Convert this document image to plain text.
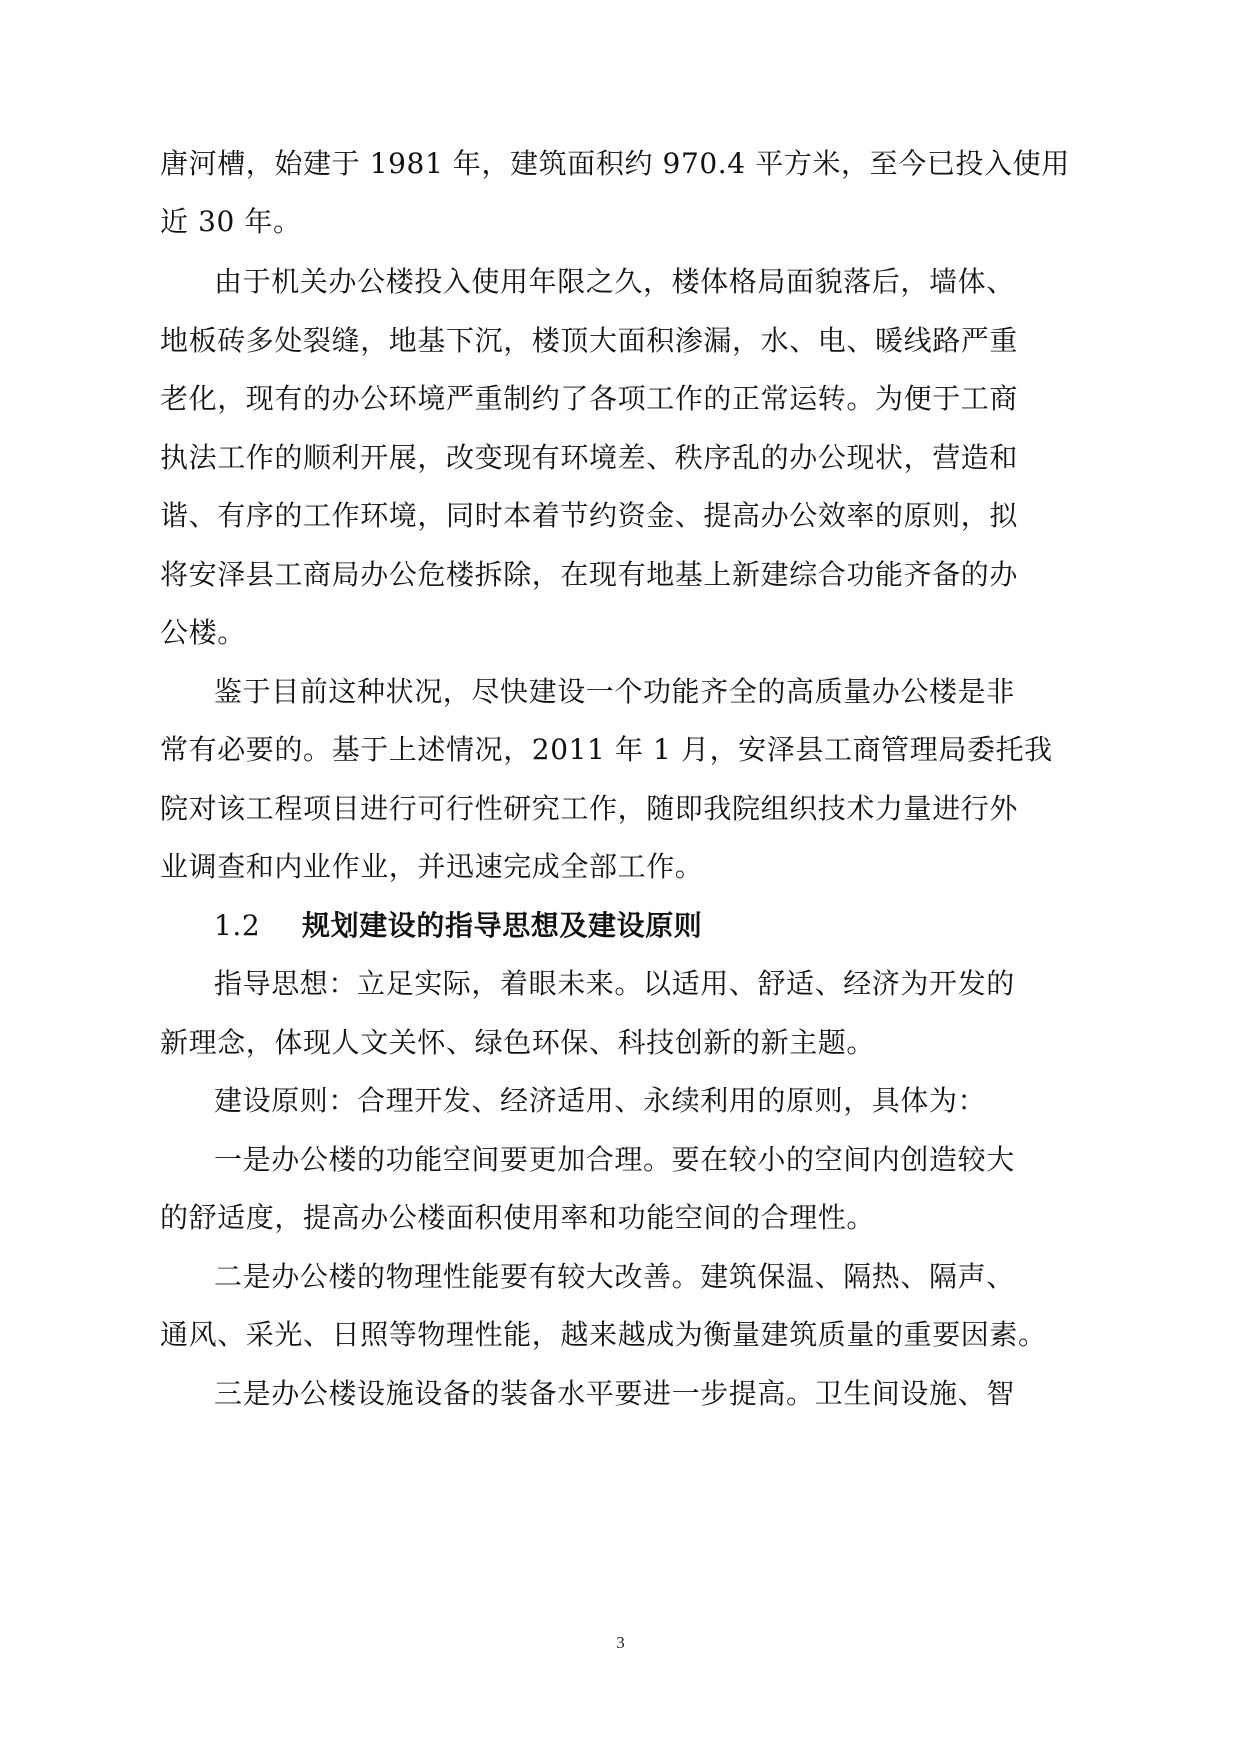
唐河槽，始建于 1981 年，建筑面积约 970.4 平方米，至今已投入使用
近 30 年。
由于机关办公楼投入使用年限之久，楼体格局面貌落后，墙体、
地板砖多处裂缝，地基下沉，楼顶大面积渗漏，水、电、暖线路严重
老化，现有的办公环境严重制约了各项工作的正常运转。为便于工商
执法工作的顺利开展，改变现有环境差、秩序乱的办公现状，营造和
谐、有序的工作环境，同时本着节约资金、提高办公效率的原则，拟
将安泽县工商局办公危楼拆除，在现有地基上新建综合功能齐备的办
公楼。
鉴于目前这种状况，尽快建设一个功能齐全的高质量办公楼是非
常有必要的。基于上述情况，2011 年 1 月，安泽县工商管理局委托我
院对该工程项目进行可行性研究工作，随即我院组织技术力量进行外
业调查和内业作业，并迅速完成全部工作。
1.2 规划建设的指导思想及建设原则
指导思想：立足实际，着眼未来。以适用、舒适、经济为开发的
新理念，体现人文关怀、绿色环保、科技创新的新主题。
建设原则：合理开发、经济适用、永续利用的原则，具体为：
一是办公楼的功能空间要更加合理。要在较小的空间内创造较大
的舒适度，提高办公楼面积使用率和功能空间的合理性。
二是办公楼的物理性能要有较大改善。建筑保温、隔热、隔声、
通风、采光、日照等物理性能，越来越成为衡量建筑质量的重要因素。
三是办公楼设施设备的装备水平要进一步提高。卫生间设施、智
3
